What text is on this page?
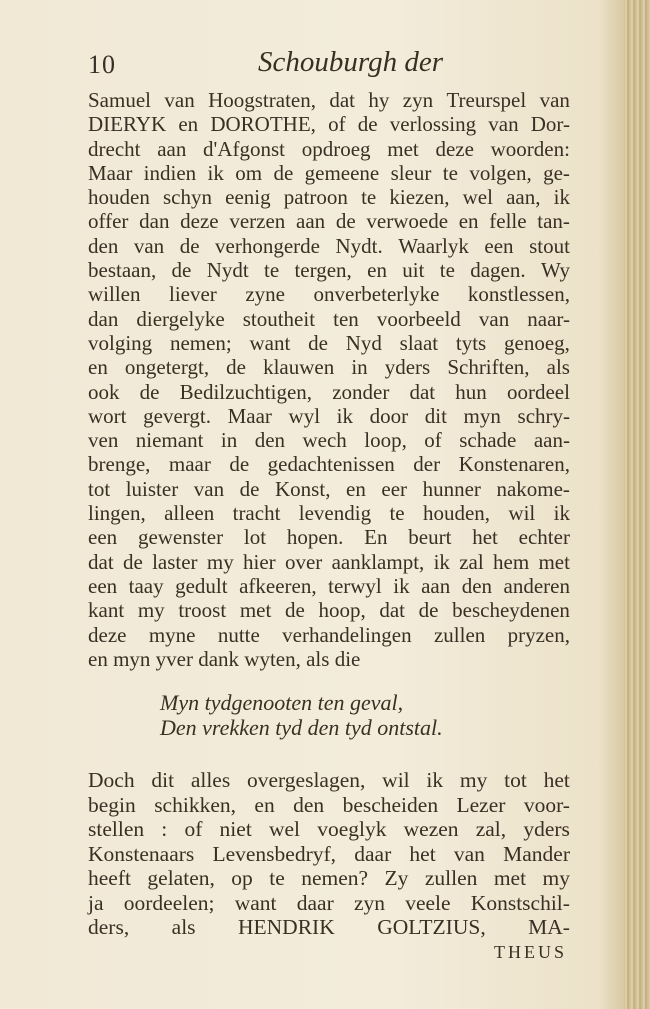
10	Schouburgh der
Samuel van Hoogstraten, dat hy zyn Treurspel van
DIERYK en DOROTHE, of de verlossing van Dor-
drecht aan d'Afgonst opdroeg met deze woorden:
Maar indien ik om de gemeene sleur te volgen, ge-
houden schyn eenig patroon te kiezen, wel aan, ik
offer dan deze verzen aan de verwoede en felle tan-
den van de verhongerde Nydt. Waarlyk een stout
bestaan, de Nydt te tergen, en uit te dagen. Wy
willen liever zyne onverbeterlyke konstlessen,
dan diergelyke stoutheit ten voorbeeld van naar-
volging nemen; want de Nyd slaat tyts genoeg,
en ongetergt, de klauwen in yders Schriften, als
ook de Bedilzuchtigen, zonder dat hun oordeel
wort gevergt. Maar wyl ik door dit myn schry-
ven niemant in den wech loop, of schade aan-
brenge, maar de gedachtenissen der Konstenaren,
tot luister van de Konst, en eer hunner nakome-
lingen, alleen tracht levendig te houden, wil ik
een gewenster lot hopen. En beurt het echter
dat de laster my hier over aanklampt, ik zal hem met
een taay gedult afkeeren, terwyl ik aan den anderen
kant my troost met de hoop, dat de bescheydenen
deze myne nutte verhandelingen zullen pryzen,
en myn yver dank wyten, als die
Myn tydgenooten ten geval,
Den vrekken tyd den tyd ontstal.
Doch dit alles overgeslagen, wil ik my tot het
begin schikken, en den bescheiden Lezer voor-
stellen : of niet wel voeglyk wezen zal, yders
Konstenaars Levensbedryf, daar het van Mander
heeft gelaten, op te nemen? Zy zullen met my
ja oordeelen; want daar zyn veele Konstschil-
ders, als HENDRIK GOLTZIUS, MA-
THEUS
